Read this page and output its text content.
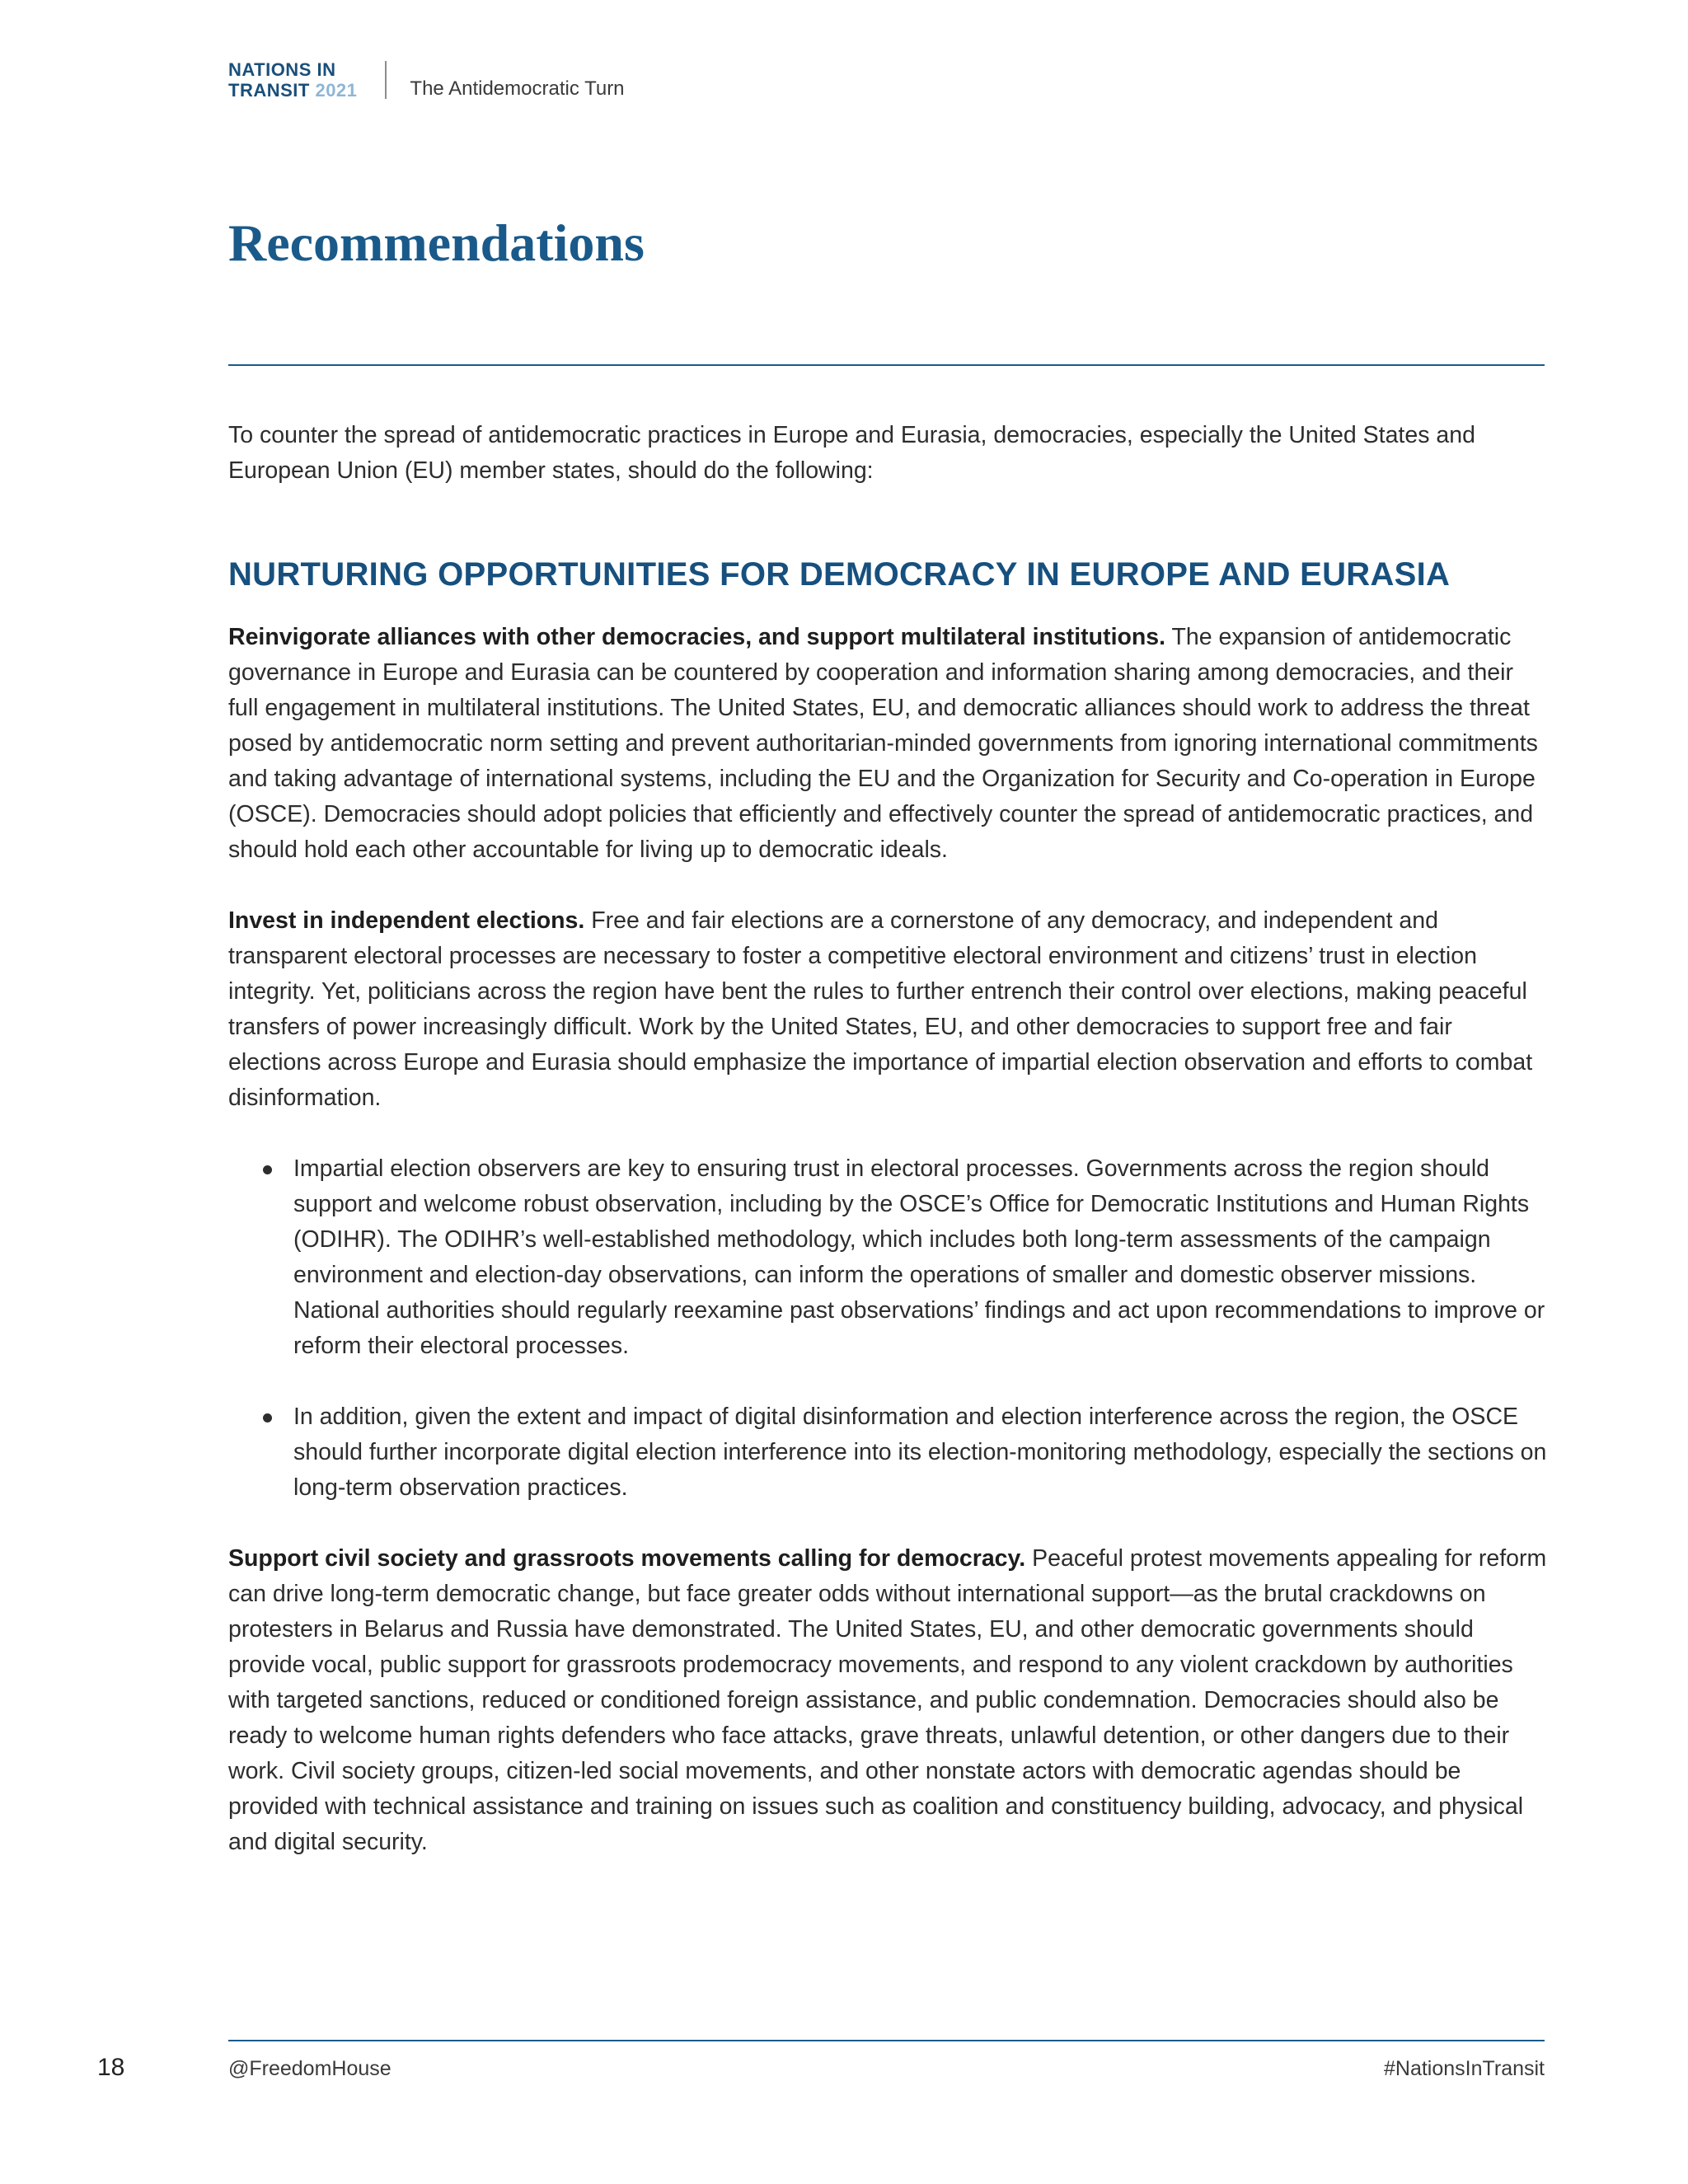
NATIONS IN
TRANSIT 2021	The Antidemocratic Turn
Recommendations

To counter the spread of antidemocratic practices in Europe and Eurasia, democracies, especially the United States and European Union (EU) member states, should do the following:

NURTURING OPPORTUNITIES FOR DEMOCRACY IN EUROPE AND EURASIA

Reinvigorate alliances with other democracies, and support multilateral institutions. The expansion of antidemocratic governance in Europe and Eurasia can be countered by cooperation and information sharing among democracies, and their full engagement in multilateral institutions. The United States, EU, and democratic alliances should work to address the threat posed by antidemocratic norm setting and prevent authoritarian-minded governments from ignoring international commitments and taking advantage of international systems, including the EU and the Organization for Security and Co-operation in Europe (OSCE). Democracies should adopt policies that efficiently and effectively counter the spread of antidemocratic practices, and should hold each other accountable for living up to democratic ideals.

Invest in independent elections. Free and fair elections are a cornerstone of any democracy, and independent and transparent electoral processes are necessary to foster a competitive electoral environment and citizens’ trust in election integrity. Yet, politicians across the region have bent the rules to further entrench their control over elections, making peaceful transfers of power increasingly difficult. Work by the United States, EU, and other democracies to support free and fair elections across Europe and Eurasia should emphasize the importance of impartial election observation and efforts to combat disinformation.

Impartial election observers are key to ensuring trust in electoral processes. Governments across the region should support and welcome robust observation, including by the OSCE’s Office for Democratic Institutions and Human Rights (ODIHR). The ODIHR’s well-established methodology, which includes both long-term assessments of the campaign environment and election-day observations, can inform the operations of smaller and domestic observer missions. National authorities should regularly reexamine past observations’ findings and act upon recommendations to improve or reform their electoral processes.
In addition, given the extent and impact of digital disinformation and election interference across the region, the OSCE should further incorporate digital election interference into its election-monitoring methodology, especially the sections on long-term observation practices.

Support civil society and grassroots movements calling for democracy. Peaceful protest movements appealing for reform can drive long-term democratic change, but face greater odds without international support—as the brutal crackdowns on protesters in Belarus and Russia have demonstrated. The United States, EU, and other democratic governments should provide vocal, public support for grassroots prodemocracy movements, and respond to any violent crackdown by authorities with targeted sanctions, reduced or conditioned foreign assistance, and public condemnation. Democracies should also be ready to welcome human rights defenders who face attacks, grave threats, unlawful detention, or other dangers due to their work. Civil society groups, citizen-led social movements, and other nonstate actors with democratic agendas should be provided with technical assistance and training on issues such as coalition and constituency building, advocacy, and physical and digital security.

18	@FreedomHouse	#NationsInTransit
